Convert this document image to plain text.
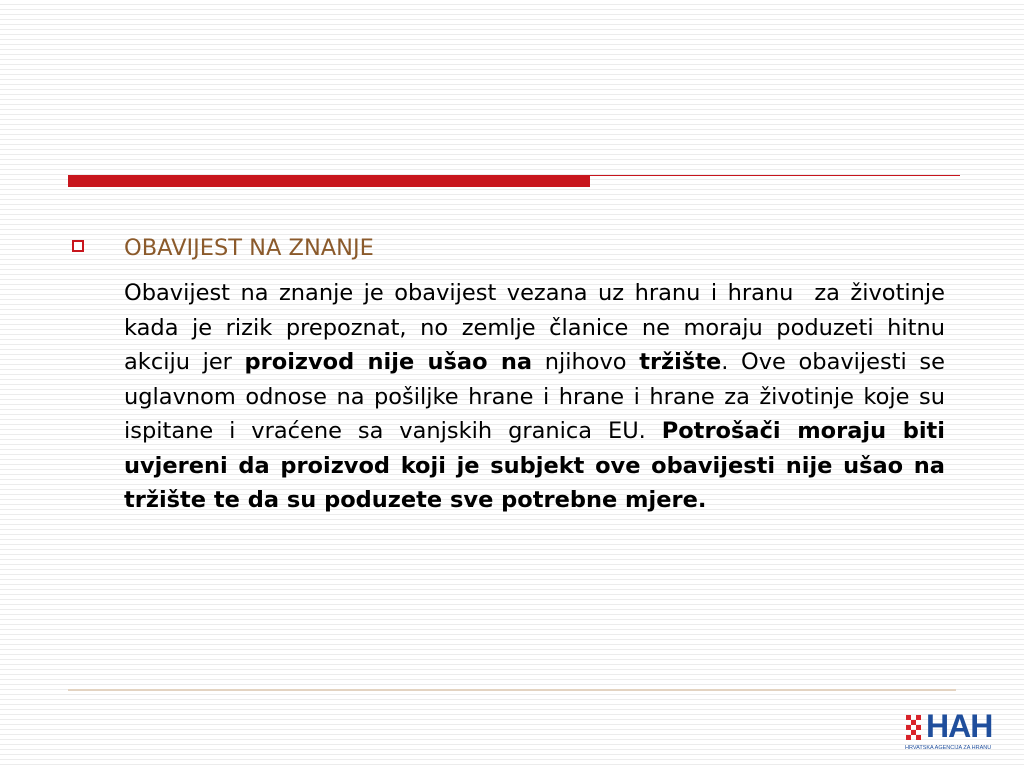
OBAVIJEST NA ZNANJE

Obavijest na znanje je obavijest vezana uz hranu i hranu  za životinje kada je rizik prepoznat, no zemlje članice ne moraju poduzeti hitnu akciju jer proizvod nije ušao na njihovo tržište. Ove obavijesti se uglavnom odnose na pošiljke hrane i hrane i hrane za životinje koje su ispitane i vraćene sa vanjskih granica EU. Potrošači moraju biti uvjereni da proizvod koji je subjekt ove obavijesti nije ušao na tržište te da su poduzete sve potrebne mjere.

HAH
HRVATSKA AGENCIJA ZA HRANU
